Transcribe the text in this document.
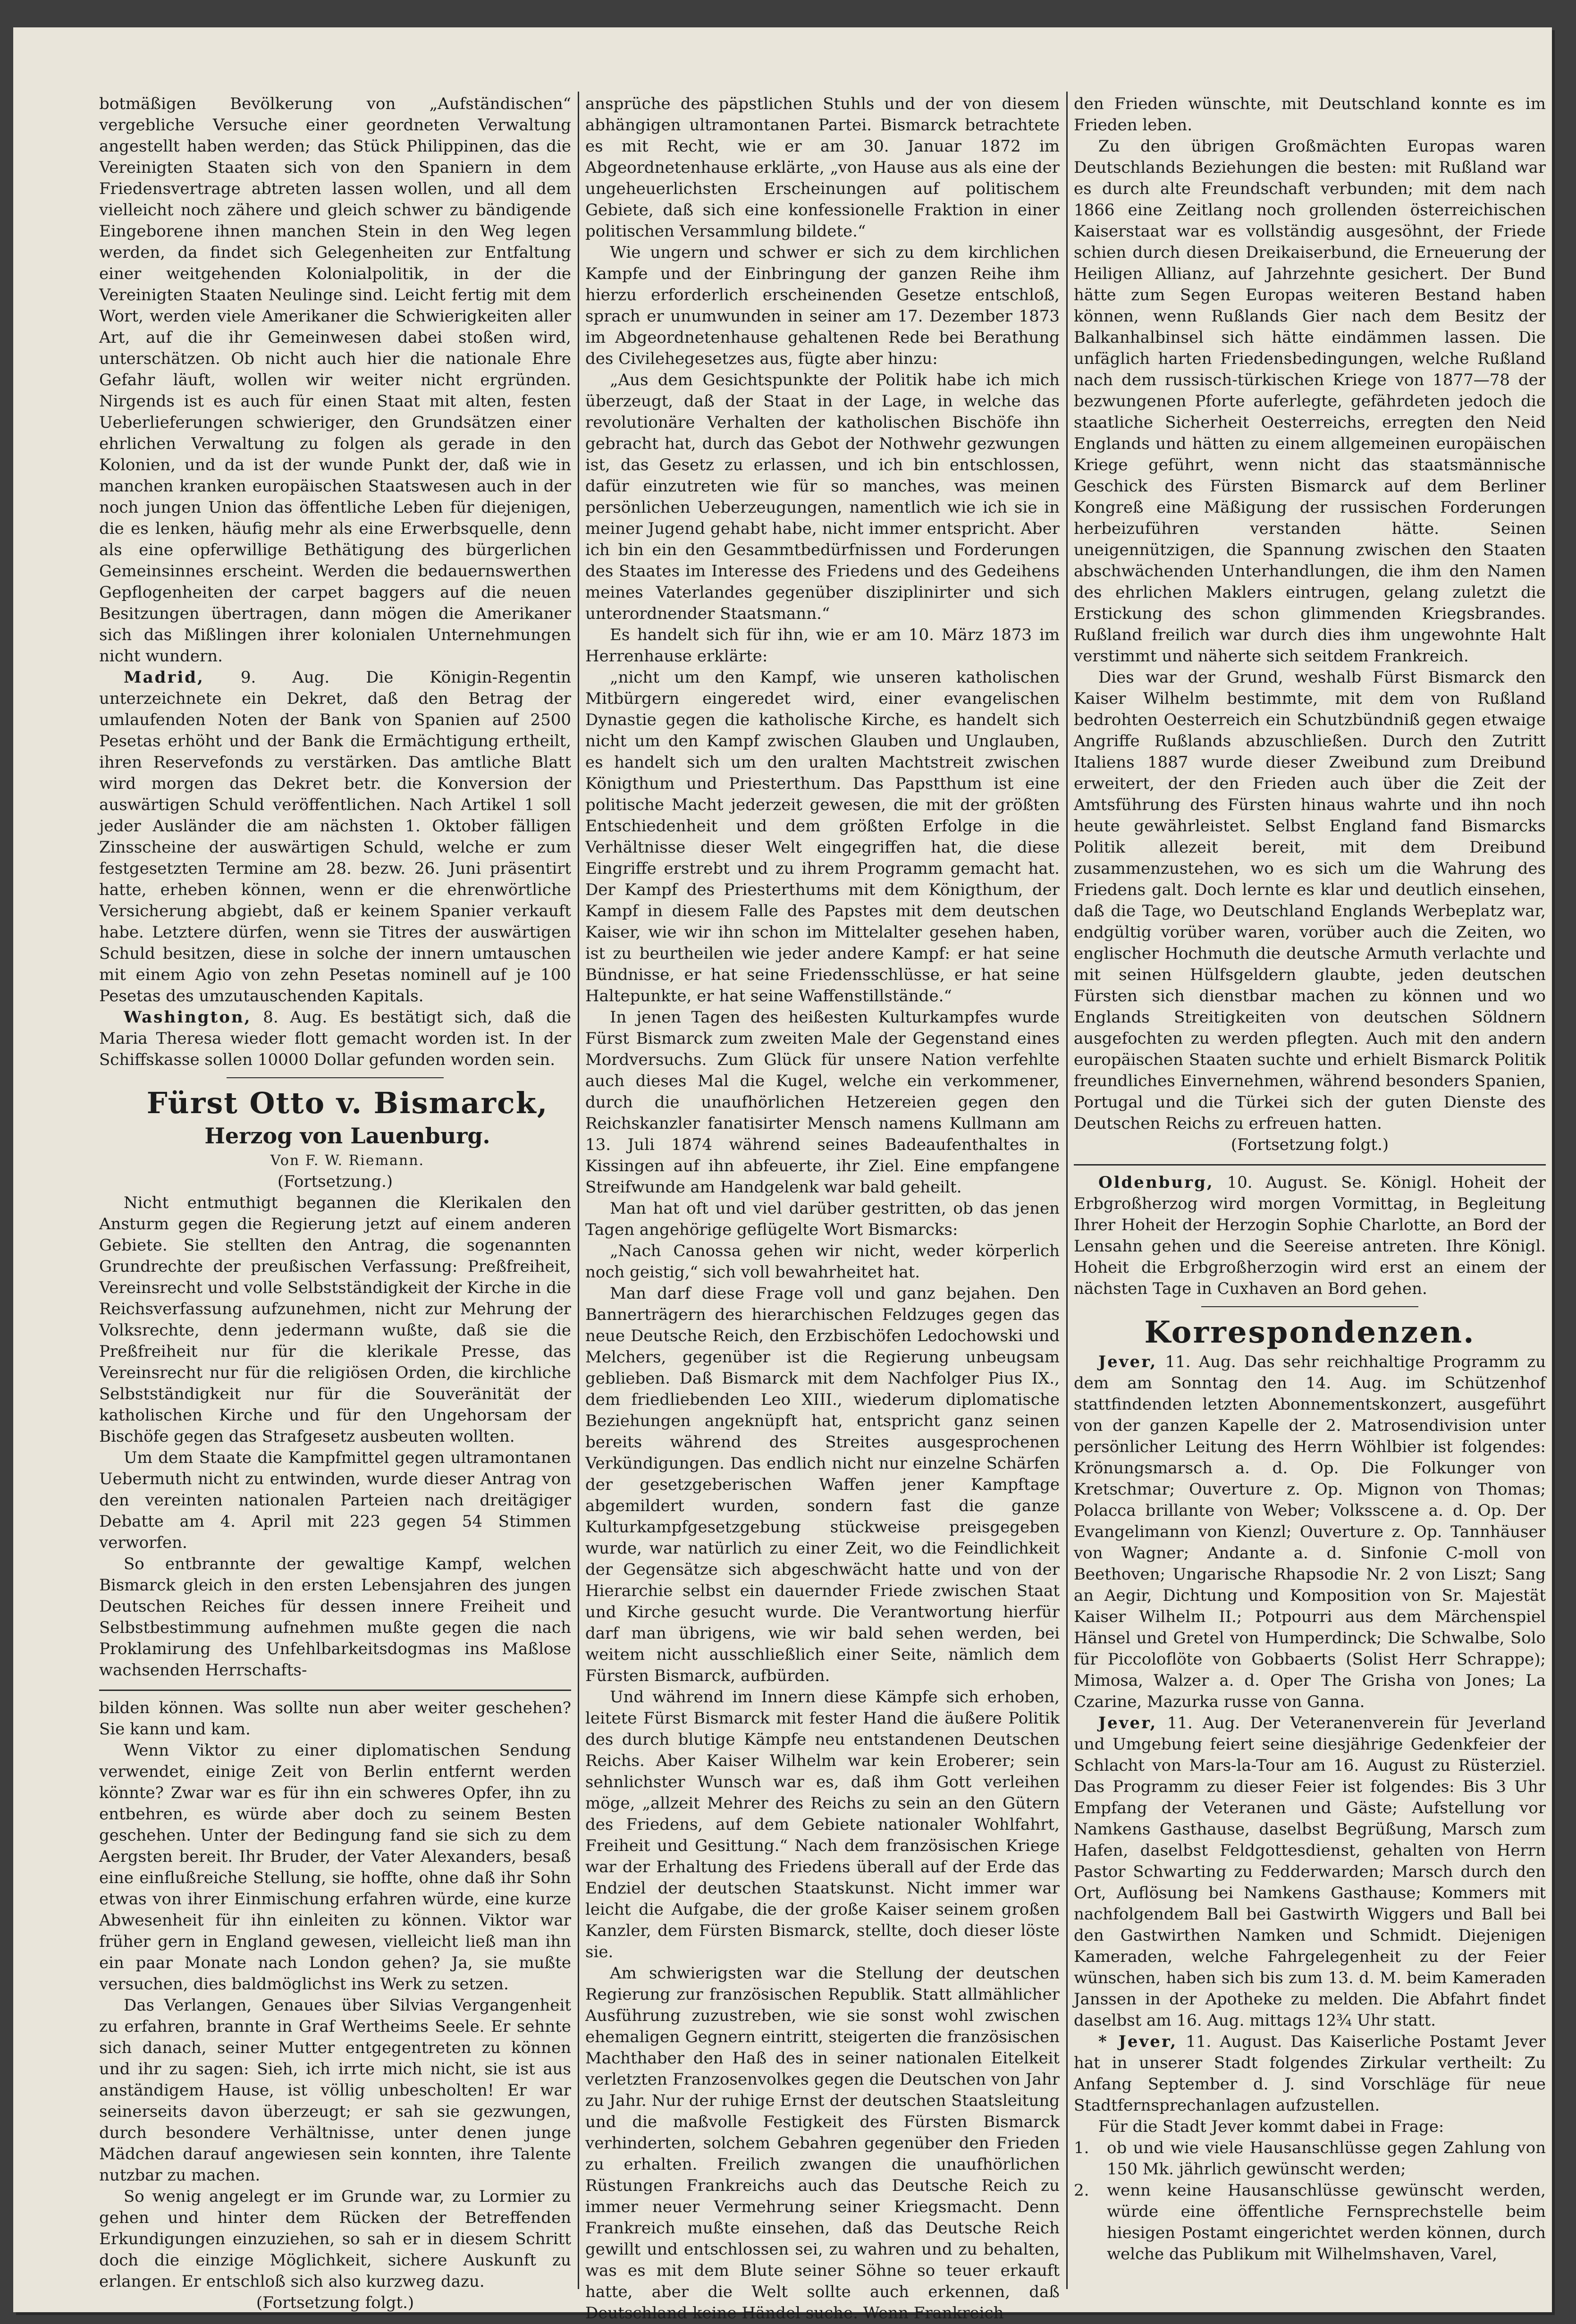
botmäßigen Bevölkerung von „Aufständischen“ vergebliche Versuche einer geordneten Verwaltung angestellt haben werden; das Stück Philippinen, das die Vereinigten Staaten sich von den Spaniern in dem Friedensvertrage abtreten lassen wollen, und all dem vielleicht noch zähere und gleich schwer zu bändigende Eingeborene ihnen manchen Stein in den Weg legen werden, da findet sich Gelegenheiten zur Entfaltung einer weitgehenden Kolonialpolitik, in der die Vereinigten Staaten Neulinge sind. Leicht fertig mit dem Wort, werden viele Amerikaner die Schwierigkeiten aller Art, auf die ihr Gemeinwesen dabei stoßen wird, unterschätzen. Ob nicht auch hier die nationale Ehre Gefahr läuft, wollen wir weiter nicht ergründen. Nirgends ist es auch für einen Staat mit alten, festen Ueberlieferungen schwieriger, den Grundsätzen einer ehrlichen Verwaltung zu folgen als gerade in den Kolonien, und da ist der wunde Punkt der, daß wie in manchen kranken europäischen Staatswesen auch in der noch jungen Union das öffentliche Leben für diejenigen, die es lenken, häufig mehr als eine Erwerbsquelle, denn als eine opferwillige Bethätigung des bürgerlichen Gemeinsinnes erscheint. Werden die bedauernswerthen Gepflogenheiten der carpet baggers auf die neuen Besitzungen übertragen, dann mögen die Amerikaner sich das Mißlingen ihrer kolonialen Unternehmungen nicht wundern.

Madrid, 9. Aug. Die Königin-Regentin unterzeichnete ein Dekret, daß den Betrag der umlaufenden Noten der Bank von Spanien auf 2500 Pesetas erhöht und der Bank die Ermächtigung ertheilt, ihren Reservefonds zu verstärken. Das amtliche Blatt wird morgen das Dekret betr. die Konversion der auswärtigen Schuld veröffentlichen. Nach Artikel 1 soll jeder Ausländer die am nächsten 1. Oktober fälligen Zinsscheine der auswärtigen Schuld, welche er zum festgesetzten Termine am 28. bezw. 26. Juni präsentirt hatte, erheben können, wenn er die ehrenwörtliche Versicherung abgiebt, daß er keinem Spanier verkauft habe. Letztere dürfen, wenn sie Titres der auswärtigen Schuld besitzen, diese in solche der innern umtauschen mit einem Agio von zehn Pesetas nominell auf je 100 Pesetas des umzutauschenden Kapitals.

Washington, 8. Aug. Es bestätigt sich, daß die Maria Theresa wieder flott gemacht worden ist. In der Schiffskasse sollen 10000 Dollar gefunden worden sein.

Fürst Otto v. Bismarck,

Herzog von Lauenburg.

Von F. W. Riemann.

(Fortsetzung.)

Nicht entmuthigt begannen die Klerikalen den Ansturm gegen die Regierung jetzt auf einem anderen Gebiete. Sie stellten den Antrag, die sogenannten Grundrechte der preußischen Verfassung: Preßfreiheit, Vereinsrecht und volle Selbstständigkeit der Kirche in die Reichsverfassung aufzunehmen, nicht zur Mehrung der Volksrechte, denn jedermann wußte, daß sie die Preßfreiheit nur für die klerikale Presse, das Vereinsrecht nur für die religiösen Orden, die kirchliche Selbstständigkeit nur für die Souveränität der katholischen Kirche und für den Ungehorsam der Bischöfe gegen das Strafgesetz ausbeuten wollten.

Um dem Staate die Kampfmittel gegen ultramontanen Uebermuth nicht zu entwinden, wurde dieser Antrag von den vereinten nationalen Parteien nach dreitägiger Debatte am 4. April mit 223 gegen 54 Stimmen verworfen.

So entbrannte der gewaltige Kampf, welchen Bismarck gleich in den ersten Lebensjahren des jungen Deutschen Reiches für dessen innere Freiheit und Selbstbestimmung aufnehmen mußte gegen die nach Proklamirung des Unfehlbarkeitsdogmas ins Maßlose wachsenden Herrschafts-

bilden können. Was sollte nun aber weiter geschehen? Sie kann und kam.

Wenn Viktor zu einer diplomatischen Sendung verwendet, einige Zeit von Berlin entfernt werden könnte? Zwar war es für ihn ein schweres Opfer, ihn zu entbehren, es würde aber doch zu seinem Besten geschehen. Unter der Bedingung fand sie sich zu dem Aergsten bereit. Ihr Bruder, der Vater Alexanders, besaß eine einflußreiche Stellung, sie hoffte, ohne daß ihr Sohn etwas von ihrer Einmischung erfahren würde, eine kurze Abwesenheit für ihn einleiten zu können. Viktor war früher gern in England gewesen, vielleicht ließ man ihn ein paar Monate nach London gehen? Ja, sie mußte versuchen, dies baldmöglichst ins Werk zu setzen.

Das Verlangen, Genaues über Silvias Vergangenheit zu erfahren, brannte in Graf Wertheims Seele. Er sehnte sich danach, seiner Mutter entgegentreten zu können und ihr zu sagen: Sieh, ich irrte mich nicht, sie ist aus anständigem Hause, ist völlig unbescholten! Er war seinerseits davon überzeugt; er sah sie gezwungen, durch besondere Verhältnisse, unter denen junge Mädchen darauf angewiesen sein konnten, ihre Talente nutzbar zu machen.

So wenig angelegt er im Grunde war, zu Lormier zu gehen und hinter dem Rücken der Betreffenden Erkundigungen einzuziehen, so sah er in diesem Schritt doch die einzige Möglichkeit, sichere Auskunft zu erlangen. Er entschloß sich also kurzweg dazu.

(Fortsetzung folgt.)

ansprüche des päpstlichen Stuhls und der von diesem abhängigen ultramontanen Partei. Bismarck betrachtete es mit Recht, wie er am 30. Januar 1872 im Abgeordnetenhause erklärte, „von Hause aus als eine der ungeheuerlichsten Erscheinungen auf politischem Gebiete, daß sich eine konfessionelle Fraktion in einer politischen Versammlung bildete.“

Wie ungern und schwer er sich zu dem kirchlichen Kampfe und der Einbringung der ganzen Reihe ihm hierzu erforderlich erscheinenden Gesetze entschloß, sprach er unumwunden in seiner am 17. Dezember 1873 im Abgeordnetenhause gehaltenen Rede bei Berathung des Civilehegesetzes aus, fügte aber hinzu:

„Aus dem Gesichtspunkte der Politik habe ich mich überzeugt, daß der Staat in der Lage, in welche das revolutionäre Verhalten der katholischen Bischöfe ihn gebracht hat, durch das Gebot der Nothwehr gezwungen ist, das Gesetz zu erlassen, und ich bin entschlossen, dafür einzutreten wie für so manches, was meinen persönlichen Ueberzeugungen, namentlich wie ich sie in meiner Jugend gehabt habe, nicht immer entspricht. Aber ich bin ein den Gesammtbedürfnissen und Forderungen des Staates im Interesse des Friedens und des Gedeihens meines Vaterlandes gegenüber disziplinirter und sich unterordnender Staatsmann.“

Es handelt sich für ihn, wie er am 10. März 1873 im Herrenhause erklärte:

„nicht um den Kampf, wie unseren katholischen Mitbürgern eingeredet wird, einer evangelischen Dynastie gegen die katholische Kirche, es handelt sich nicht um den Kampf zwischen Glauben und Unglauben, es handelt sich um den uralten Machtstreit zwischen Königthum und Priesterthum. Das Papstthum ist eine politische Macht jederzeit gewesen, die mit der größten Entschiedenheit und dem größten Erfolge in die Verhältnisse dieser Welt eingegriffen hat, die diese Eingriffe erstrebt und zu ihrem Programm gemacht hat. Der Kampf des Priesterthums mit dem Königthum, der Kampf in diesem Falle des Papstes mit dem deutschen Kaiser, wie wir ihn schon im Mittelalter gesehen haben, ist zu beurtheilen wie jeder andere Kampf: er hat seine Bündnisse, er hat seine Friedensschlüsse, er hat seine Haltepunkte, er hat seine Waffenstillstände.“

In jenen Tagen des heißesten Kulturkampfes wurde Fürst Bismarck zum zweiten Male der Gegenstand eines Mordversuchs. Zum Glück für unsere Nation verfehlte auch dieses Mal die Kugel, welche ein verkommener, durch die unaufhörlichen Hetzereien gegen den Reichskanzler fanatisirter Mensch namens Kullmann am 13. Juli 1874 während seines Badeaufenthaltes in Kissingen auf ihn abfeuerte, ihr Ziel. Eine empfangene Streifwunde am Handgelenk war bald geheilt.

Man hat oft und viel darüber gestritten, ob das jenen Tagen angehörige geflügelte Wort Bismarcks:

„Nach Canossa gehen wir nicht, weder körperlich noch geistig,“ sich voll bewahrheitet hat.

Man darf diese Frage voll und ganz bejahen. Den Bannerträgern des hierarchischen Feldzuges gegen das neue Deutsche Reich, den Erzbischöfen Ledochowski und Melchers, gegenüber ist die Regierung unbeugsam geblieben. Daß Bismarck mit dem Nachfolger Pius IX., dem friedliebenden Leo XIII., wiederum diplomatische Beziehungen angeknüpft hat, entspricht ganz seinen bereits während des Streites ausgesprochenen Verkündigungen. Das endlich nicht nur einzelne Schärfen der gesetzgeberischen Waffen jener Kampftage abgemildert wurden, sondern fast die ganze Kulturkampfgesetzgebung stückweise preisgegeben wurde, war natürlich zu einer Zeit, wo die Feindlichkeit der Gegensätze sich abgeschwächt hatte und von der Hierarchie selbst ein dauernder Friede zwischen Staat und Kirche gesucht wurde. Die Verantwortung hierfür darf man übrigens, wie wir bald sehen werden, bei weitem nicht ausschließlich einer Seite, nämlich dem Fürsten Bismarck, aufbürden.

Und während im Innern diese Kämpfe sich erhoben, leitete Fürst Bismarck mit fester Hand die äußere Politik des durch blutige Kämpfe neu entstandenen Deutschen Reichs. Aber Kaiser Wilhelm war kein Eroberer; sein sehnlichster Wunsch war es, daß ihm Gott verleihen möge, „allzeit Mehrer des Reichs zu sein an den Gütern des Friedens, auf dem Gebiete nationaler Wohlfahrt, Freiheit und Gesittung.“ Nach dem französischen Kriege war der Erhaltung des Friedens überall auf der Erde das Endziel der deutschen Staatskunst. Nicht immer war leicht die Aufgabe, die der große Kaiser seinem großen Kanzler, dem Fürsten Bismarck, stellte, doch dieser löste sie.

Am schwierigsten war die Stellung der deutschen Regierung zur französischen Republik. Statt allmählicher Ausführung zuzustreben, wie sie sonst wohl zwischen ehemaligen Gegnern eintritt, steigerten die französischen Machthaber den Haß des in seiner nationalen Eitelkeit verletzten Franzosenvolkes gegen die Deutschen von Jahr zu Jahr. Nur der ruhige Ernst der deutschen Staatsleitung und die maßvolle Festigkeit des Fürsten Bismarck verhinderten, solchem Gebahren gegenüber den Frieden zu erhalten. Freilich zwangen die unaufhörlichen Rüstungen Frankreichs auch das Deutsche Reich zu immer neuer Vermehrung seiner Kriegsmacht. Denn Frankreich mußte einsehen, daß das Deutsche Reich gewillt und entschlossen sei, zu wahren und zu behalten, was es mit dem Blute seiner Söhne so teuer erkauft hatte, aber die Welt sollte auch erkennen, daß Deutschland keine Händel suche. Wenn Frankreich

den Frieden wünschte, mit Deutschland konnte es im Frieden leben.

Zu den übrigen Großmächten Europas waren Deutschlands Beziehungen die besten: mit Rußland war es durch alte Freundschaft verbunden; mit dem nach 1866 eine Zeitlang noch grollenden österreichischen Kaiserstaat war es vollständig ausgesöhnt, der Friede schien durch diesen Dreikaiserbund, die Erneuerung der Heiligen Allianz, auf Jahrzehnte gesichert. Der Bund hätte zum Segen Europas weiteren Bestand haben können, wenn Rußlands Gier nach dem Besitz der Balkanhalbinsel sich hätte eindämmen lassen. Die unfäglich harten Friedensbedingungen, welche Rußland nach dem russisch-türkischen Kriege von 1877—78 der bezwungenen Pforte auferlegte, gefährdeten jedoch die staatliche Sicherheit Oesterreichs, erregten den Neid Englands und hätten zu einem allgemeinen europäischen Kriege geführt, wenn nicht das staatsmännische Geschick des Fürsten Bismarck auf dem Berliner Kongreß eine Mäßigung der russischen Forderungen herbeizuführen verstanden hätte. Seinen uneigennützigen, die Spannung zwischen den Staaten abschwächenden Unterhandlungen, die ihm den Namen des ehrlichen Maklers eintrugen, gelang zuletzt die Erstickung des schon glimmenden Kriegsbrandes. Rußland freilich war durch dies ihm ungewohnte Halt verstimmt und näherte sich seitdem Frankreich.

Dies war der Grund, weshalb Fürst Bismarck den Kaiser Wilhelm bestimmte, mit dem von Rußland bedrohten Oesterreich ein Schutzbündniß gegen etwaige Angriffe Rußlands abzuschließen. Durch den Zutritt Italiens 1887 wurde dieser Zweibund zum Dreibund erweitert, der den Frieden auch über die Zeit der Amtsführung des Fürsten hinaus wahrte und ihn noch heute gewährleistet. Selbst England fand Bismarcks Politik allezeit bereit, mit dem Dreibund zusammenzustehen, wo es sich um die Wahrung des Friedens galt. Doch lernte es klar und deutlich einsehen, daß die Tage, wo Deutschland Englands Werbeplatz war, endgültig vorüber waren, vorüber auch die Zeiten, wo englischer Hochmuth die deutsche Armuth verlachte und mit seinen Hülfsgeldern glaubte, jeden deutschen Fürsten sich dienstbar machen zu können und wo Englands Streitigkeiten von deutschen Söldnern ausgefochten zu werden pflegten. Auch mit den andern europäischen Staaten suchte und erhielt Bismarck Politik freundliches Einvernehmen, während besonders Spanien, Portugal und die Türkei sich der guten Dienste des Deutschen Reichs zu erfreuen hatten.

(Fortsetzung folgt.)

Oldenburg, 10. August. Se. Königl. Hoheit der Erbgroßherzog wird morgen Vormittag, in Begleitung Ihrer Hoheit der Herzogin Sophie Charlotte, an Bord der Lensahn gehen und die Seereise antreten. Ihre Königl. Hoheit die Erbgroßherzogin wird erst an einem der nächsten Tage in Cuxhaven an Bord gehen.

Korrespondenzen.

Jever, 11. Aug. Das sehr reichhaltige Programm zu dem am Sonntag den 14. Aug. im Schützenhof stattfindenden letzten Abonnementskonzert, ausgeführt von der ganzen Kapelle der 2. Matrosendivision unter persönlicher Leitung des Herrn Wöhlbier ist folgendes: Krönungsmarsch a. d. Op. Die Folkunger von Kretschmar; Ouverture z. Op. Mignon von Thomas; Polacca brillante von Weber; Volksscene a. d. Op. Der Evangelimann von Kienzl; Ouverture z. Op. Tannhäuser von Wagner; Andante a. d. Sinfonie C-moll von Beethoven; Ungarische Rhapsodie Nr. 2 von Liszt; Sang an Aegir, Dichtung und Komposition von Sr. Majestät Kaiser Wilhelm II.; Potpourri aus dem Märchenspiel Hänsel und Gretel von Humperdinck; Die Schwalbe, Solo für Piccoloflöte von Gobbaerts (Solist Herr Schrappe); Mimosa, Walzer a. d. Oper The Grisha von Jones; La Czarine, Mazurka russe von Ganna.

Jever, 11. Aug. Der Veteranenverein für Jeverland und Umgebung feiert seine diesjährige Gedenkfeier der Schlacht von Mars-la-Tour am 16. August zu Rüsterziel. Das Programm zu dieser Feier ist folgendes: Bis 3 Uhr Empfang der Veteranen und Gäste; Aufstellung vor Namkens Gasthause, daselbst Begrüßung, Marsch zum Hafen, daselbst Feldgottesdienst, gehalten von Herrn Pastor Schwarting zu Fedderwarden; Marsch durch den Ort, Auflösung bei Namkens Gasthause; Kommers mit nachfolgendem Ball bei Gastwirth Wiggers und Ball bei den Gastwirthen Namken und Schmidt. Diejenigen Kameraden, welche Fahrgelegenheit zu der Feier wünschen, haben sich bis zum 13. d. M. beim Kameraden Janssen in der Apotheke zu melden. Die Abfahrt findet daselbst am 16. Aug. mittags 12¾ Uhr statt.

* Jever, 11. August. Das Kaiserliche Postamt Jever hat in unserer Stadt folgendes Zirkular vertheilt: Zu Anfang September d. J. sind Vorschläge für neue Stadtfernsprechanlagen aufzustellen.

Für die Stadt Jever kommt dabei in Frage:

1.	ob und wie viele Hausanschlüsse gegen Zahlung von 150 Mk. jährlich gewünscht werden;
2.	wenn keine Hausanschlüsse gewünscht werden, würde eine öffentliche Fernsprechstelle beim hiesigen Postamt eingerichtet werden können, durch welche das Publikum mit Wilhelmshaven, Varel,
